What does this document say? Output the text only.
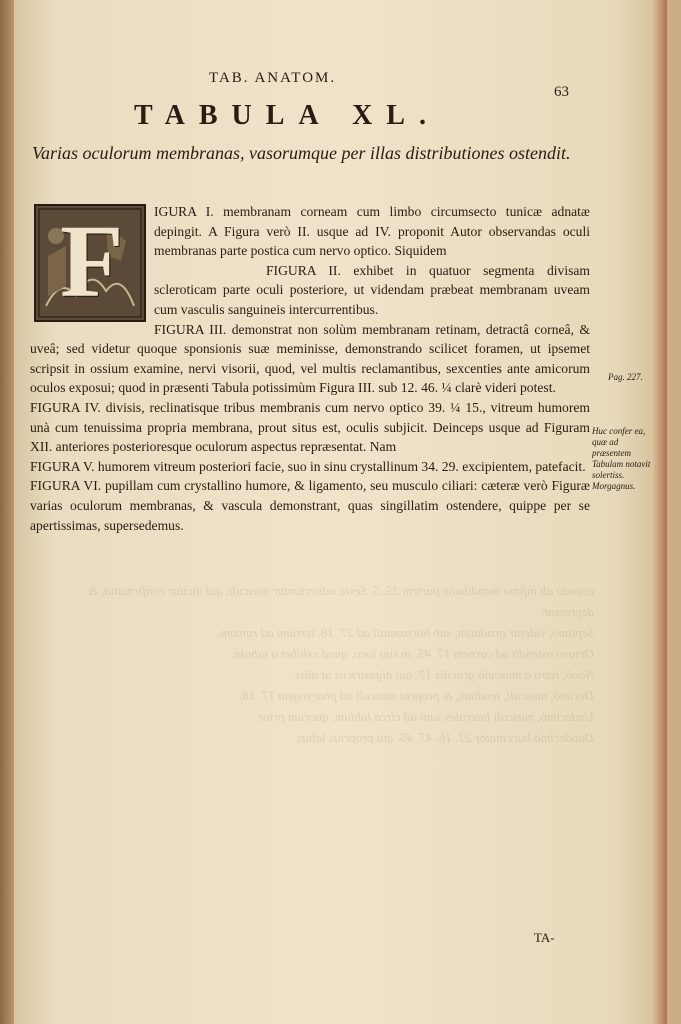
ecundo ab infimo mandibulæ partem 35. 5. Sexta adnectuntur musculi, qui dicitur confirmatur, & depressor.
Septimò, videtur gradatim, sub horizontali ad 27. 18. tertium ad ramum.
Octavo ostendit ad carnem 17. 45. in suo loco, quod exhibet a tabula.
Nonò, retro a musculo gracilis 17. qui digastricus ut aliis.
Decimò, musculi, tendinis, & propria musculi ad pharyngem 17. 18.
Undecimò, musculi laterales sunt ad circa labium, quorum prior.
Duodecimò buccinator 21. 16. 47. 45. qui proprius labiis.
TAB. ANATOM.
63
TABULA XL.
Varias oculorum membranas, vasorumque per illas distributiones ostendit.
F	IGURA I. membranam corneam cum limbo circumsecto tunicæ adnatæ depingit. A Figura verò II. usque ad IV. proponit Autor observandas oculi membranas parte postica cum nervo optico. Siquidem

FIGURA II. exhibet in quatuor segmenta divisam scleroticam parte oculi posteriore, ut videndam præbeat membranam uveam cum vasculis sanguineis intercurrentibus.

FIGURA III. demonstrat non solùm membranam retinam, detractâ corneâ, & uveâ; sed videtur quoque sponsionis suæ meminisse, demonstrando scilicet foramen, ut ipsemet scripsit in ossium examine, nervi visorii, quod, vel multis reclamantibus, sexcenties ante amicorum oculos exposui; quod in præsenti Tabula potissimùm Figura III. sub 12. 46. ¼ clarè videri potest.

FIGURA IV. divisis, reclinatisque tribus membranis cum nervo optico 39. ¼ 15., vitreum humorem unà cum tenuissima propria membrana, prout situs est, oculis subjicit. Deinceps usque ad Figuram XII. anteriores posterioresque oculorum aspectus repræsentat. Nam

FIGURA V. humorem vitreum posteriori facie, suo in sinu crystallinum 34. 29. excipientem, patefacit.

FIGURA VI. pupillam cum crystallino humore, & ligamento, seu musculo ciliari: cæteræ verò Figuræ varias oculorum membranas, & vascula demonstrant, quas singillatim ostendere, quippe per se apertissimas, supersedemus.

Pag. 227.
Huc confer ea, quæ ad præsentem Tabulam notavit solertiss. Morgagnus.
TA-
